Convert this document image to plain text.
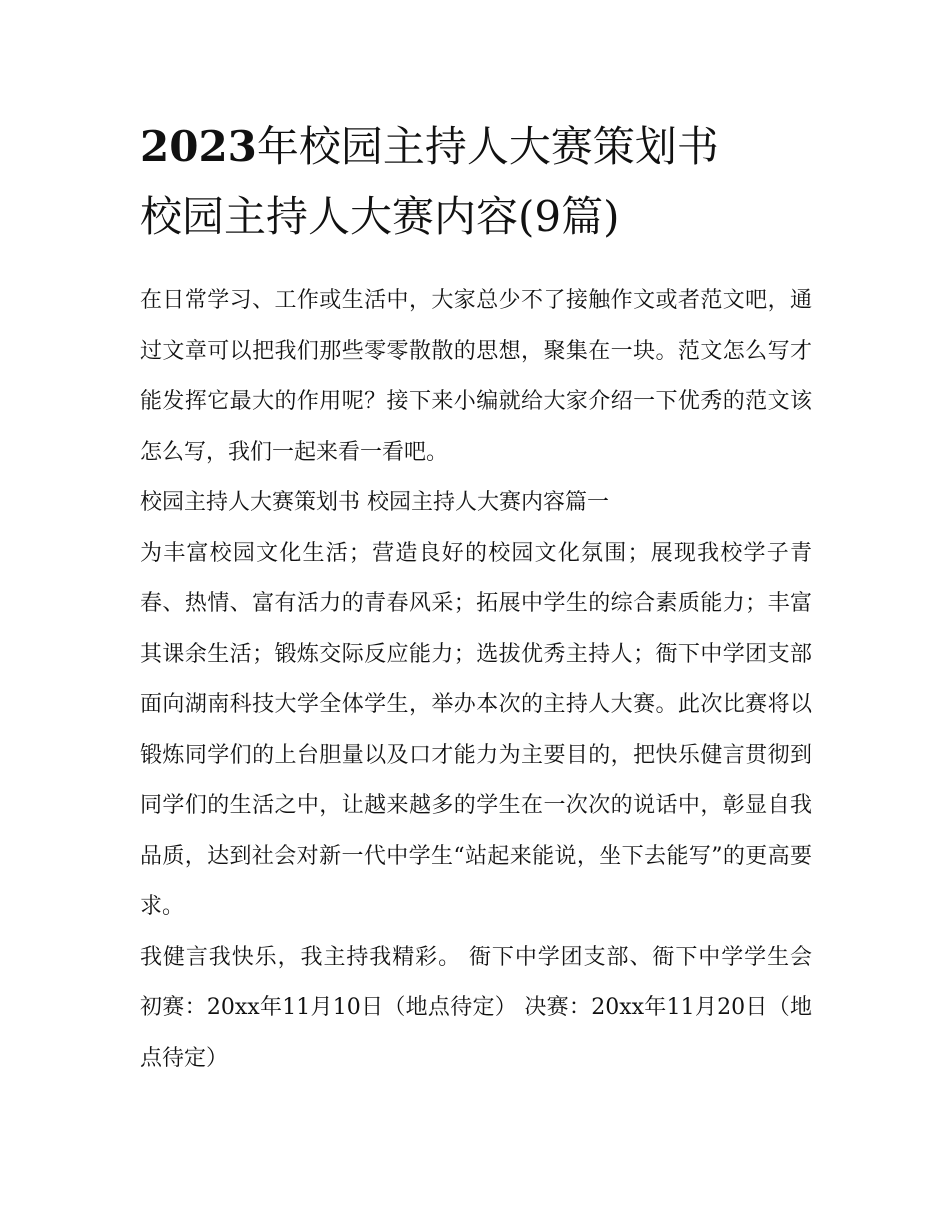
2023年校园主持人大赛策划书
校园主持人大赛内容(9篇)

在日常学习、工作或生活中，大家总少不了接触作文或者范文吧，通过文章可以把我们那些零零散散的思想，聚集在一块。范文怎么写才能发挥它最大的作用呢？接下来小编就给大家介绍一下优秀的范文该怎么写，我们一起来看一看吧。

校园主持人大赛策划书 校园主持人大赛内容篇一

为丰富校园文化生活；营造良好的校园文化氛围；展现我校学子青春、热情、富有活力的青春风采；拓展中学生的综合素质能力；丰富其课余生活；锻炼交际反应能力；选拔优秀主持人；衙下中学团支部面向湖南科技大学全体学生，举办本次的主持人大赛。此次比赛将以锻炼同学们的上台胆量以及口才能力为主要目的，把快乐健言贯彻到同学们的生活之中，让越来越多的学生在一次次的说话中，彰显自我品质，达到社会对新一代中学生“站起来能说，坐下去能写”的更高要求。

我健言我快乐，我主持我精彩。 衙下中学团支部、衙下中学学生会 初赛：20xx年11月10日（地点待定） 决赛：20xx年11月20日（地点待定）
